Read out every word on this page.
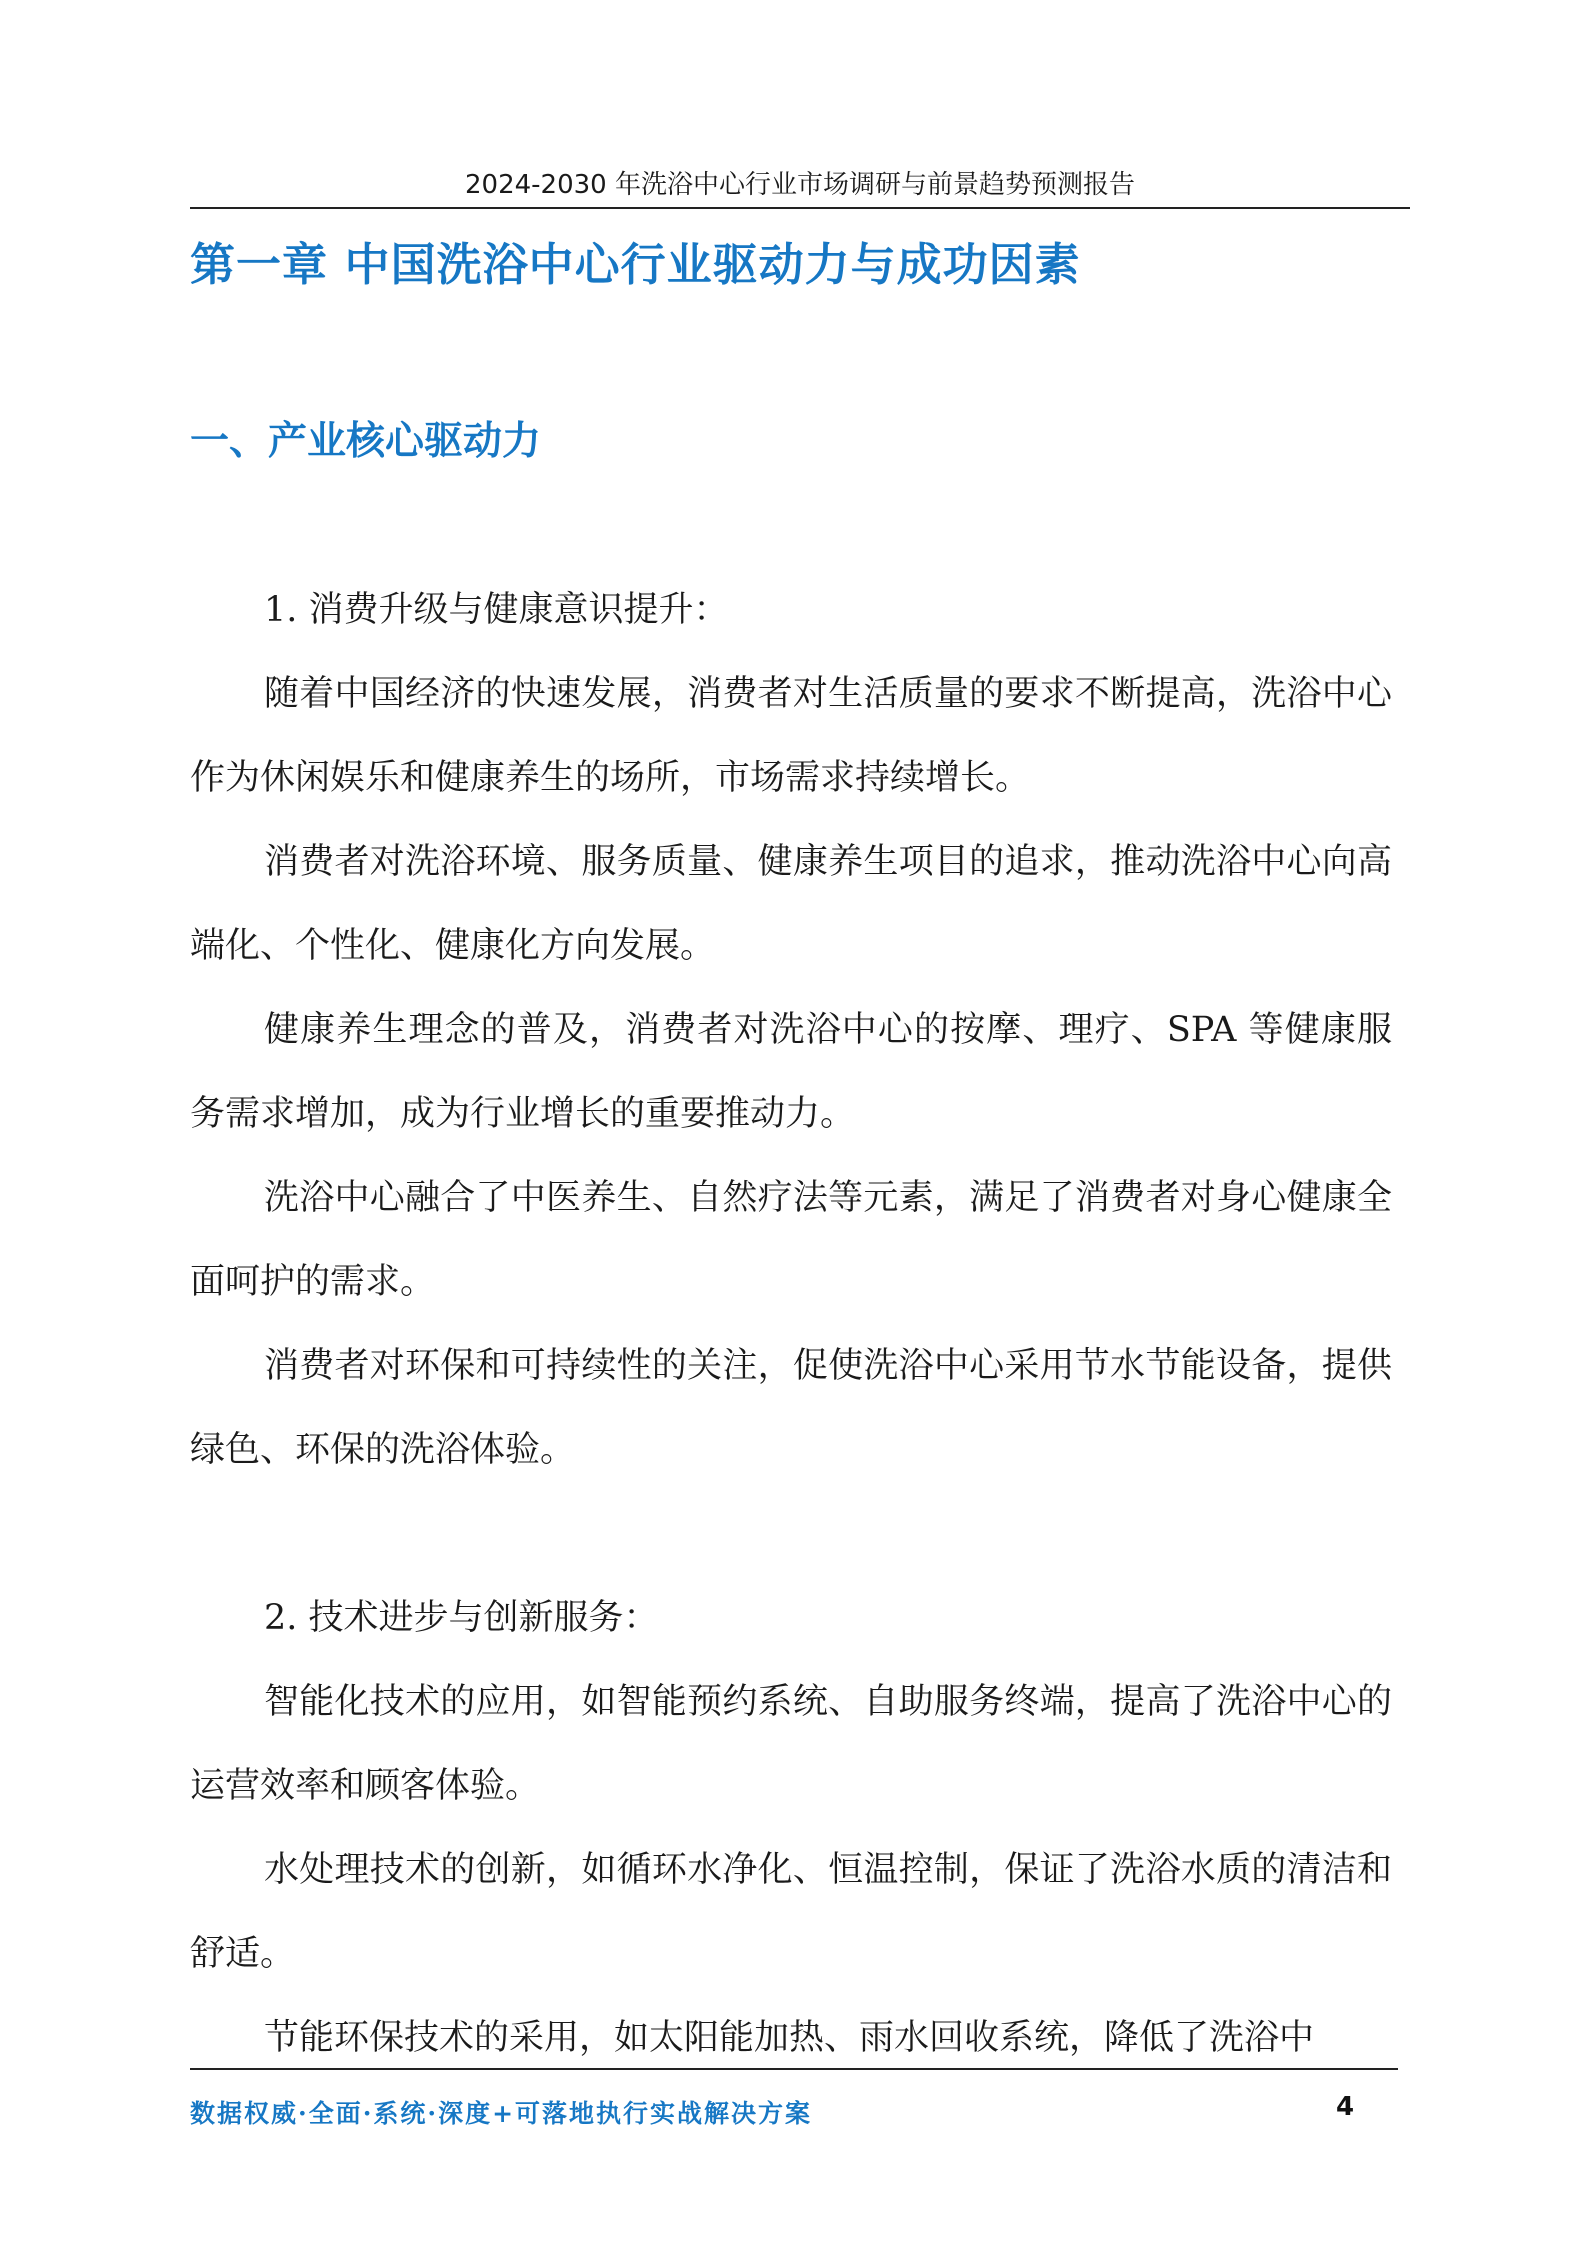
2024-2030 年洗浴中心行业市场调研与前景趋势预测报告
第一章 中国洗浴中心行业驱动力与成功因素
一、产业核心驱动力

1. 消费升级与健康意识提升：

随着中国经济的快速发展，消费者对生活质量的要求不断提高，洗浴中心作为休闲娱乐和健康养生的场所，市场需求持续增长。

消费者对洗浴环境、服务质量、健康养生项目的追求，推动洗浴中心向高端化、个性化、健康化方向发展。

健康养生理念的普及，消费者对洗浴中心的按摩、理疗、SPA 等健康服务需求增加，成为行业增长的重要推动力。

洗浴中心融合了中医养生、自然疗法等元素，满足了消费者对身心健康全面呵护的需求。

消费者对环保和可持续性的关注，促使洗浴中心采用节水节能设备，提供绿色、环保的洗浴体验。

2. 技术进步与创新服务：

智能化技术的应用，如智能预约系统、自助服务终端，提高了洗浴中心的运营效率和顾客体验。

水处理技术的创新，如循环水净化、恒温控制，保证了洗浴水质的清洁和舒适。

节能环保技术的采用，如太阳能加热、雨水回收系统，降低了洗浴中

数据权威·全面·系统·深度+可落地执行实战解决方案	4
